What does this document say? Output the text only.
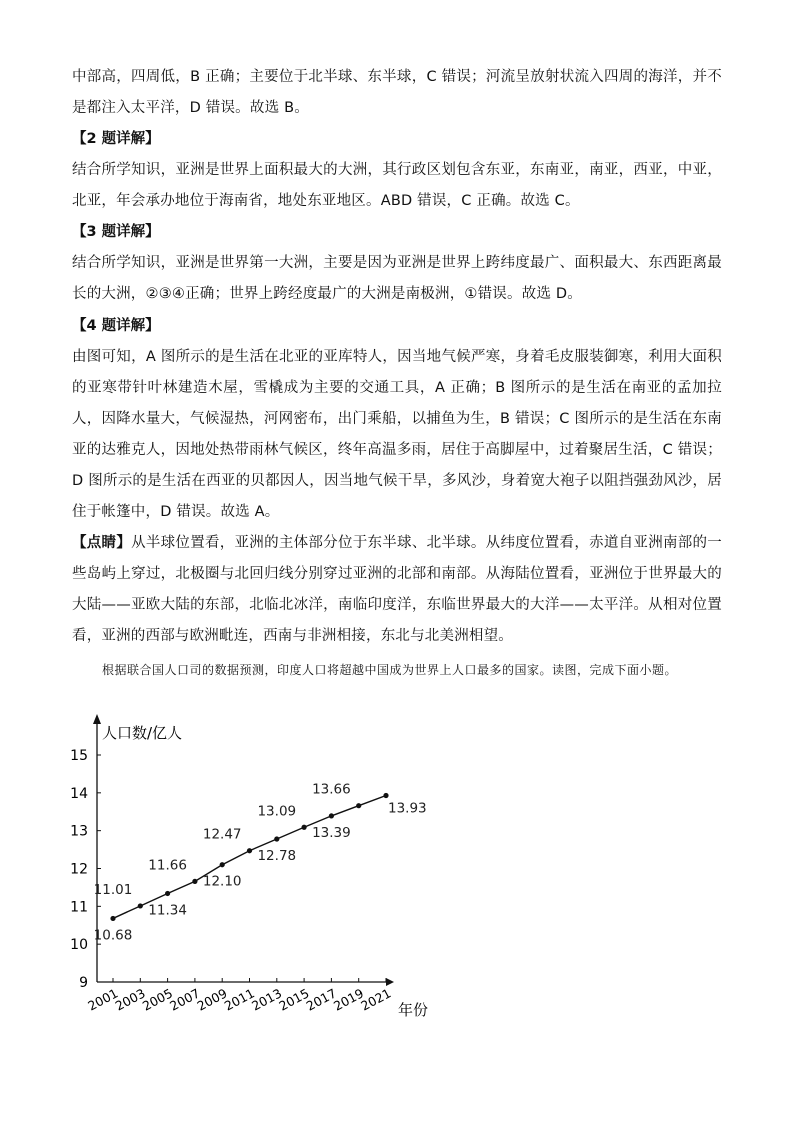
中部高，四周低，B 正确；主要位于北半球、东半球，C 错误；河流呈放射状流入四周的海洋，并不是都注入太平洋，D 错误。故选 B。

【2 题详解】

结合所学知识，亚洲是世界上面积最大的大洲，其行政区划包含东亚，东南亚，南亚，西亚，中亚，北亚，年会承办地位于海南省，地处东亚地区。ABD 错误，C 正确。故选 C。

【3 题详解】

结合所学知识，亚洲是世界第一大洲，主要是因为亚洲是世界上跨纬度最广、面积最大、东西距离最长的大洲，②③④正确；世界上跨经度最广的大洲是南极洲，①错误。故选 D。

【4 题详解】

由图可知，A 图所示的是生活在北亚的亚库特人，因当地气候严寒，身着毛皮服装御寒，利用大面积的亚寒带针叶林建造木屋，雪橇成为主要的交通工具，A 正确；B 图所示的是生活在南亚的孟加拉人，因降水量大，气候湿热，河网密布，出门乘船，以捕鱼为生，B 错误；C 图所示的是生活在东南亚的达雅克人，因地处热带雨林气候区，终年高温多雨，居住于高脚屋中，过着聚居生活，C 错误；D 图所示的是生活在西亚的贝都因人，因当地气候干旱，多风沙，身着宽大袍子以阻挡强劲风沙，居住于帐篷中，D 错误。故选 A。

【点睛】从半球位置看，亚洲的主体部分位于东半球、北半球。从纬度位置看，赤道自亚洲南部的一些岛屿上穿过，北极圈与北回归线分别穿过亚洲的北部和南部。从海陆位置看，亚洲位于世界最大的大陆——亚欧大陆的东部，北临北冰洋，南临印度洋，东临世界最大的大洋——太平洋。从相对位置看，亚洲的西部与欧洲毗连，西南与非洲相接，东北与北美洲相望。

根据联合国人口司的数据预测，印度人口将超越中国成为世界上人口最多的国家。读图，完成下面小题。

9
10
11
12
13
14
15
2001
2003
2005
2007
2009
2011
2013
2015
2017
2019
2021
10.68
11.01
11.34
11.66
12.10
12.47
12.78
13.09
13.39
13.66
13.93
人口数/亿人
年份
